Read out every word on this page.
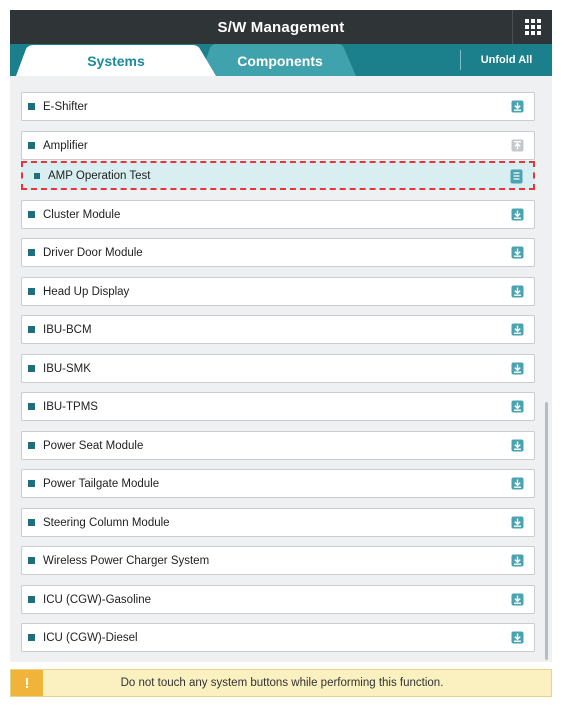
S/W Management
Components
Systems	Unfold All
E-Shifter
Amplifier
AMP Operation Test
Cluster Module
Driver Door Module
Head Up Display
IBU-BCM
IBU-SMK
IBU-TPMS
Power Seat Module
Power Tailgate Module
Steering Column Module
Wireless Power Charger System
ICU (CGW)-Gasoline
ICU (CGW)-Diesel
!	Do not touch any system buttons while performing this function.
